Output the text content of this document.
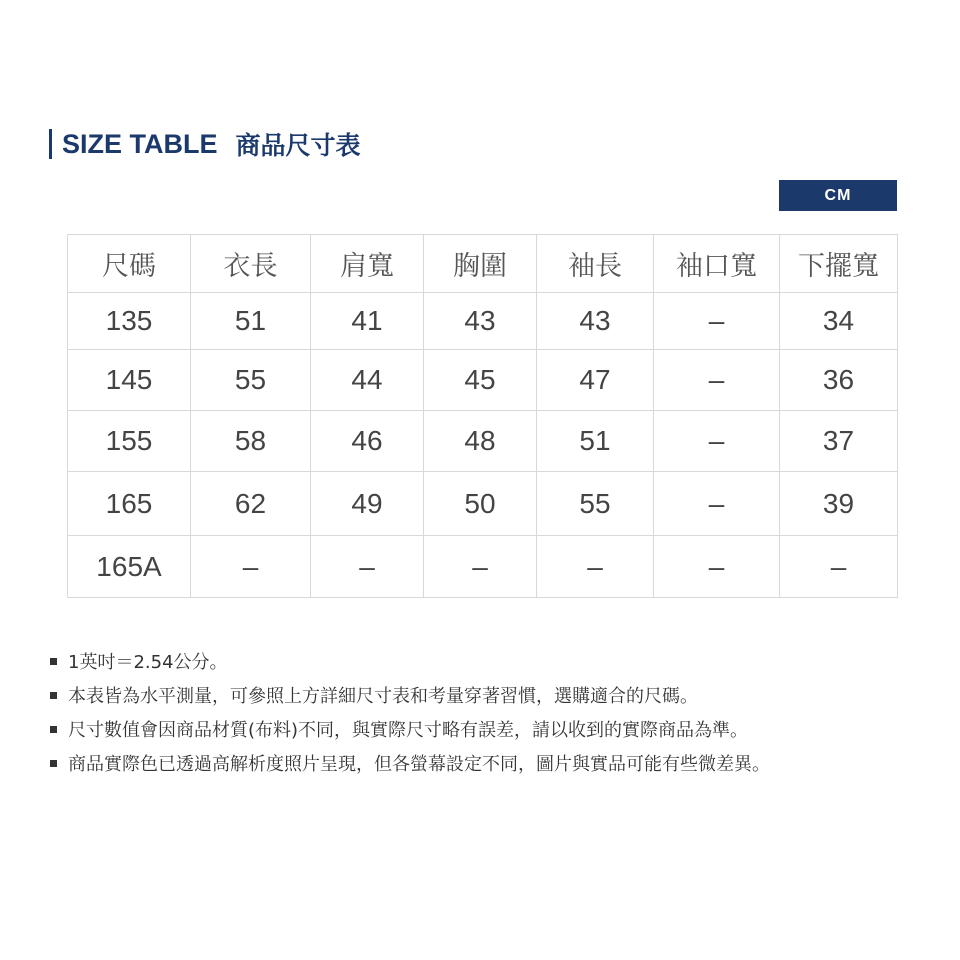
SIZE TABLE 商品尺寸表
CM
尺碼	衣長	肩寬	胸圍	袖長	袖口寬	下擺寬
135	51	41	43	43	–	34
145	55	44	45	47	–	36
155	58	46	48	51	–	37
165	62	49	50	55	–	39
165A	–	–	–	–	–	–
1英吋＝2.54公分。
本表皆為水平測量，可參照上方詳細尺寸表和考量穿著習慣，選購適合的尺碼。
尺寸數值會因商品材質(布料)不同，與實際尺寸略有誤差，請以收到的實際商品為準。
商品實際色已透過高解析度照片呈現，但各螢幕設定不同，圖片與實品可能有些微差異。
